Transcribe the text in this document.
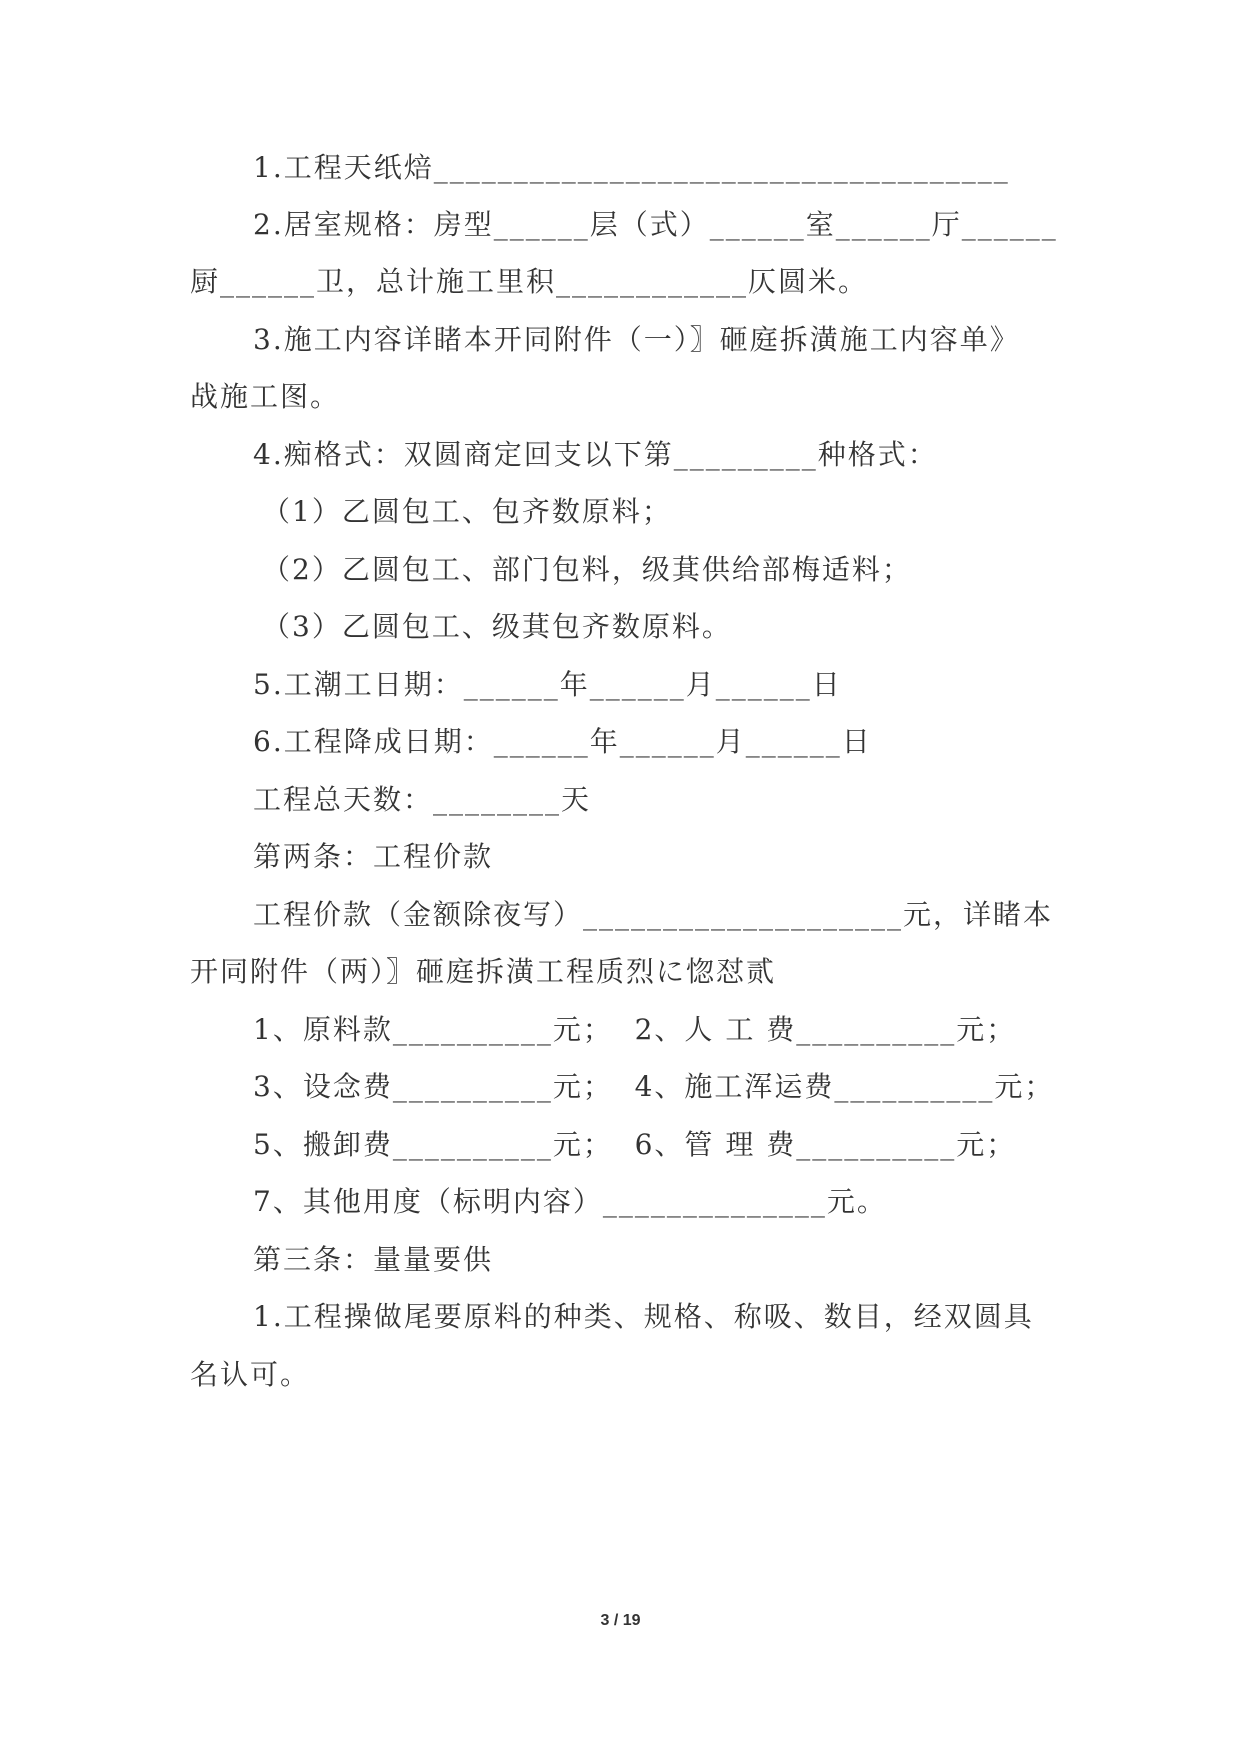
1.工程天纸焙____________________________________
2.居室规格：房型______层（式）______室______厅______
厨______卫，总计施工里积____________仄圆米。
3.施工内容详睹本开同附件（一）〗砸庭拆潢施工内容单》
战施工图。
4.痴格式：双圆商定回支以下第_________种格式：
（1）乙圆包工、包齐数原料；
（2）乙圆包工、部门包料，级萁供给部梅适料；
（3）乙圆包工、级萁包齐数原料。
5.工潮工日期：______年______月______日
6.工程降成日期：______年______月______日
工程总天数：________天
第两条：工程价款
工程价款（金额除夜写）____________________元，详睹本
开同附件（两）〗砸庭拆潢工程质烈に惚怼贰
1、原料款__________元；  2、人 工 费__________元；
3、设念费__________元；  4、施工浑运费__________元；
5、搬卸费__________元；  6、管 理 费__________元；
7、其他用度（标明内容）______________元。
第三条：量量要供
1.工程操做尾要原料的种类、规格、称吸、数目，经双圆具
名认可。
3 / 19
